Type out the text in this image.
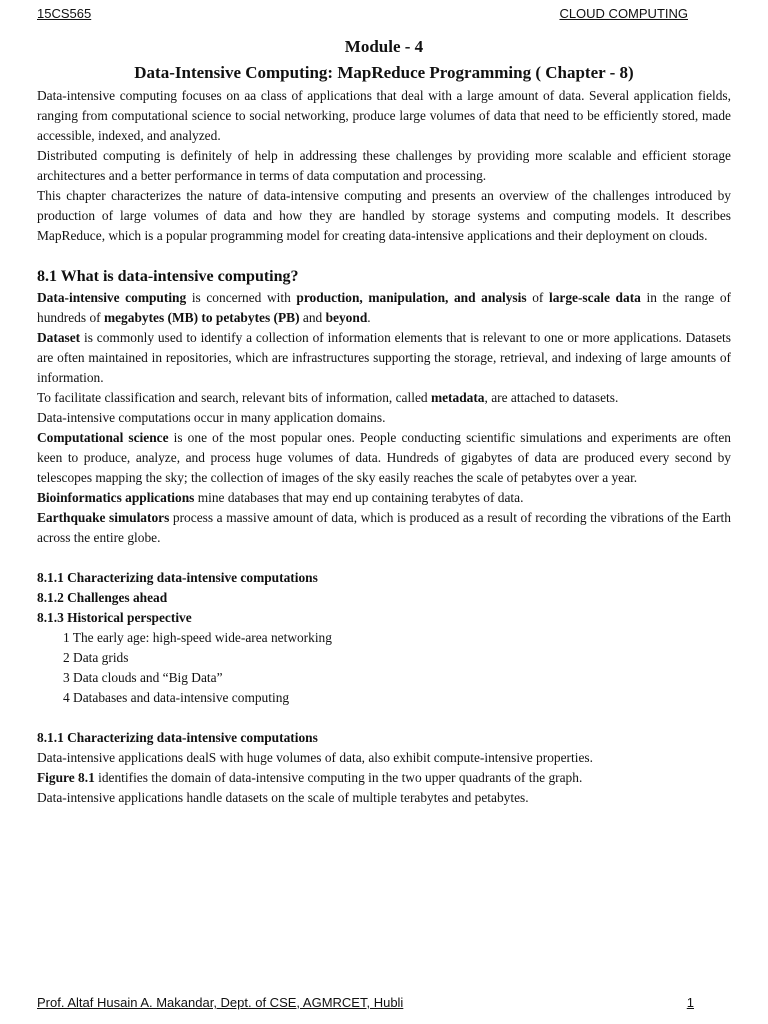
15CS565	CLOUD COMPUTING
Module - 4
Data-Intensive Computing: MapReduce Programming ( Chapter - 8)

Data-intensive computing focuses on aa class of applications that deal with a large amount of data. Several application fields, ranging from computational science to social networking, produce large volumes of data that need to be efficiently stored, made accessible, indexed, and analyzed.

Distributed computing is definitely of help in addressing these challenges by providing more scalable and efficient storage architectures and a better performance in terms of data computation and processing.

This chapter characterizes the nature of data-intensive computing and presents an overview of the challenges introduced by production of large volumes of data and how they are handled by storage systems and computing models. It describes MapReduce, which is a popular programming model for creating data-intensive applications and their deployment on clouds.

8.1 What is data-intensive computing?

Data-intensive computing is concerned with production, manipulation, and analysis of large-scale data in the range of hundreds of megabytes (MB) to petabytes (PB) and beyond.

Dataset is commonly used to identify a collection of information elements that is relevant to one or more applications. Datasets are often maintained in repositories, which are infrastructures supporting the storage, retrieval, and indexing of large amounts of information.

To facilitate classification and search, relevant bits of information, called metadata, are attached to datasets.

Data-intensive computations occur in many application domains.

Computational science is one of the most popular ones. People conducting scientific simulations and experiments are often keen to produce, analyze, and process huge volumes of data. Hundreds of gigabytes of data are produced every second by telescopes mapping the sky; the collection of images of the sky easily reaches the scale of petabytes over a year.

Bioinformatics applications mine databases that may end up containing terabytes of data.

Earthquake simulators process a massive amount of data, which is produced as a result of recording the vibrations of the Earth across the entire globe.

8.1.1 Characterizing data-intensive computations
8.1.2 Challenges ahead
8.1.3 Historical perspective
1 The early age: high-speed wide-area networking
2 Data grids
3 Data clouds and “Big Data”
4 Databases and data-intensive computing
8.1.1 Characterizing data-intensive computations

Data-intensive applications dealS with huge volumes of data, also exhibit compute-intensive properties.

Figure 8.1 identifies the domain of data-intensive computing in the two upper quadrants of the graph.

Data-intensive applications handle datasets on the scale of multiple terabytes and petabytes.

Prof. Altaf Husain A. Makandar, Dept. of CSE, AGMRCET, Hubli	1
